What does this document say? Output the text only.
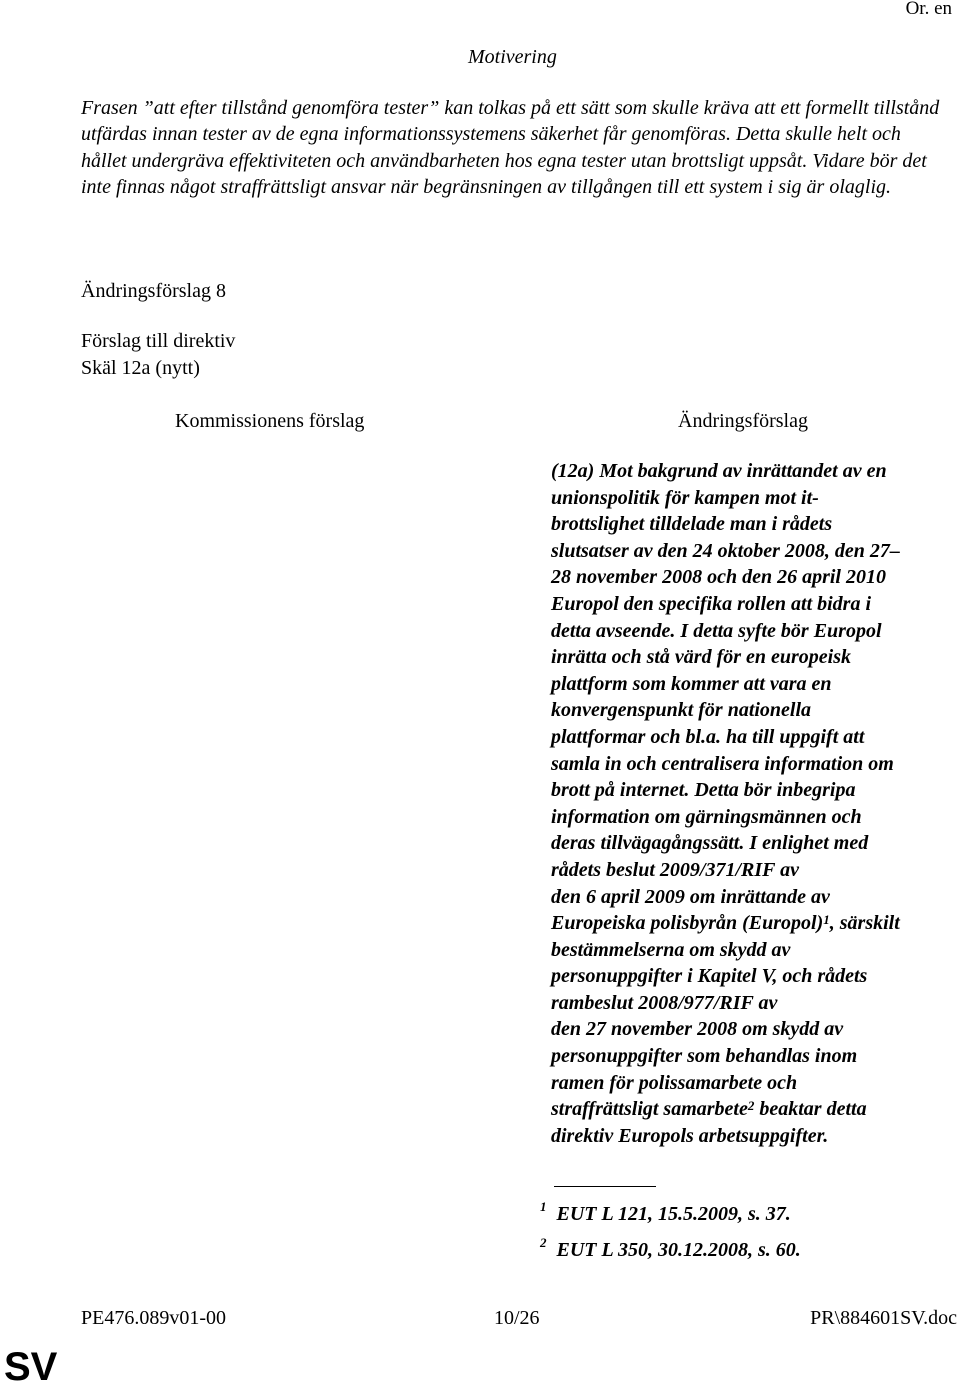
Or. en
Motivering
Frasen ”att efter tillstånd genomföra tester” kan tolkas på ett sätt som skulle kräva att ett formellt tillstånd utfärdas innan tester av de egna informationssystemens säkerhet får genomföras. Detta skulle helt och hållet undergräva effektiviteten och användbarheten hos egna tester utan brottsligt uppsåt. Vidare bör det inte finnas något straffrättsligt ansvar när begränsningen av tillgången till ett system i sig är olaglig.
Ändringsförslag 8
Förslag till direktiv
Skäl 12a (nytt)
Kommissionens förslag	Ändringsförslag
(12a) Mot bakgrund av inrättandet av en
unionspolitik för kampen mot it-
brottslighet tilldelade man i rådets
slutsatser av den 24 oktober 2008, den 27–
28 november 2008 och den 26 april 2010
Europol den specifika rollen att bidra i
detta avseende. I detta syfte bör Europol
inrätta och stå värd för en europeisk
plattform som kommer att vara en
konvergenspunkt för nationella
plattformar och bl.a. ha till uppgift att
samla in och centralisera information om
brott på internet. Detta bör inbegripa
information om gärningsmännen och
deras tillvägagångssätt. I enlighet med
rådets beslut 2009/371/RIF av
den 6 april 2009 om inrättande av
Europeiska polisbyrån (Europol)$^1$, särskilt
bestämmelserna om skydd av
personuppgifter i Kapitel V, och rådets
rambeslut 2008/977/RIF av
den 27 november 2008 om skydd av
personuppgifter som behandlas inom
ramen för polissamarbete och
straffrättsligt samarbete$^2$ beaktar detta
direktiv Europols arbetsuppgifter.
$^1$ EUT L 121, 15.5.2009, s. 37.
$^2$ EUT L 350, 30.12.2008, s. 60.
PE476.089v01-00	10/26	PR\884601SV.doc
SV
